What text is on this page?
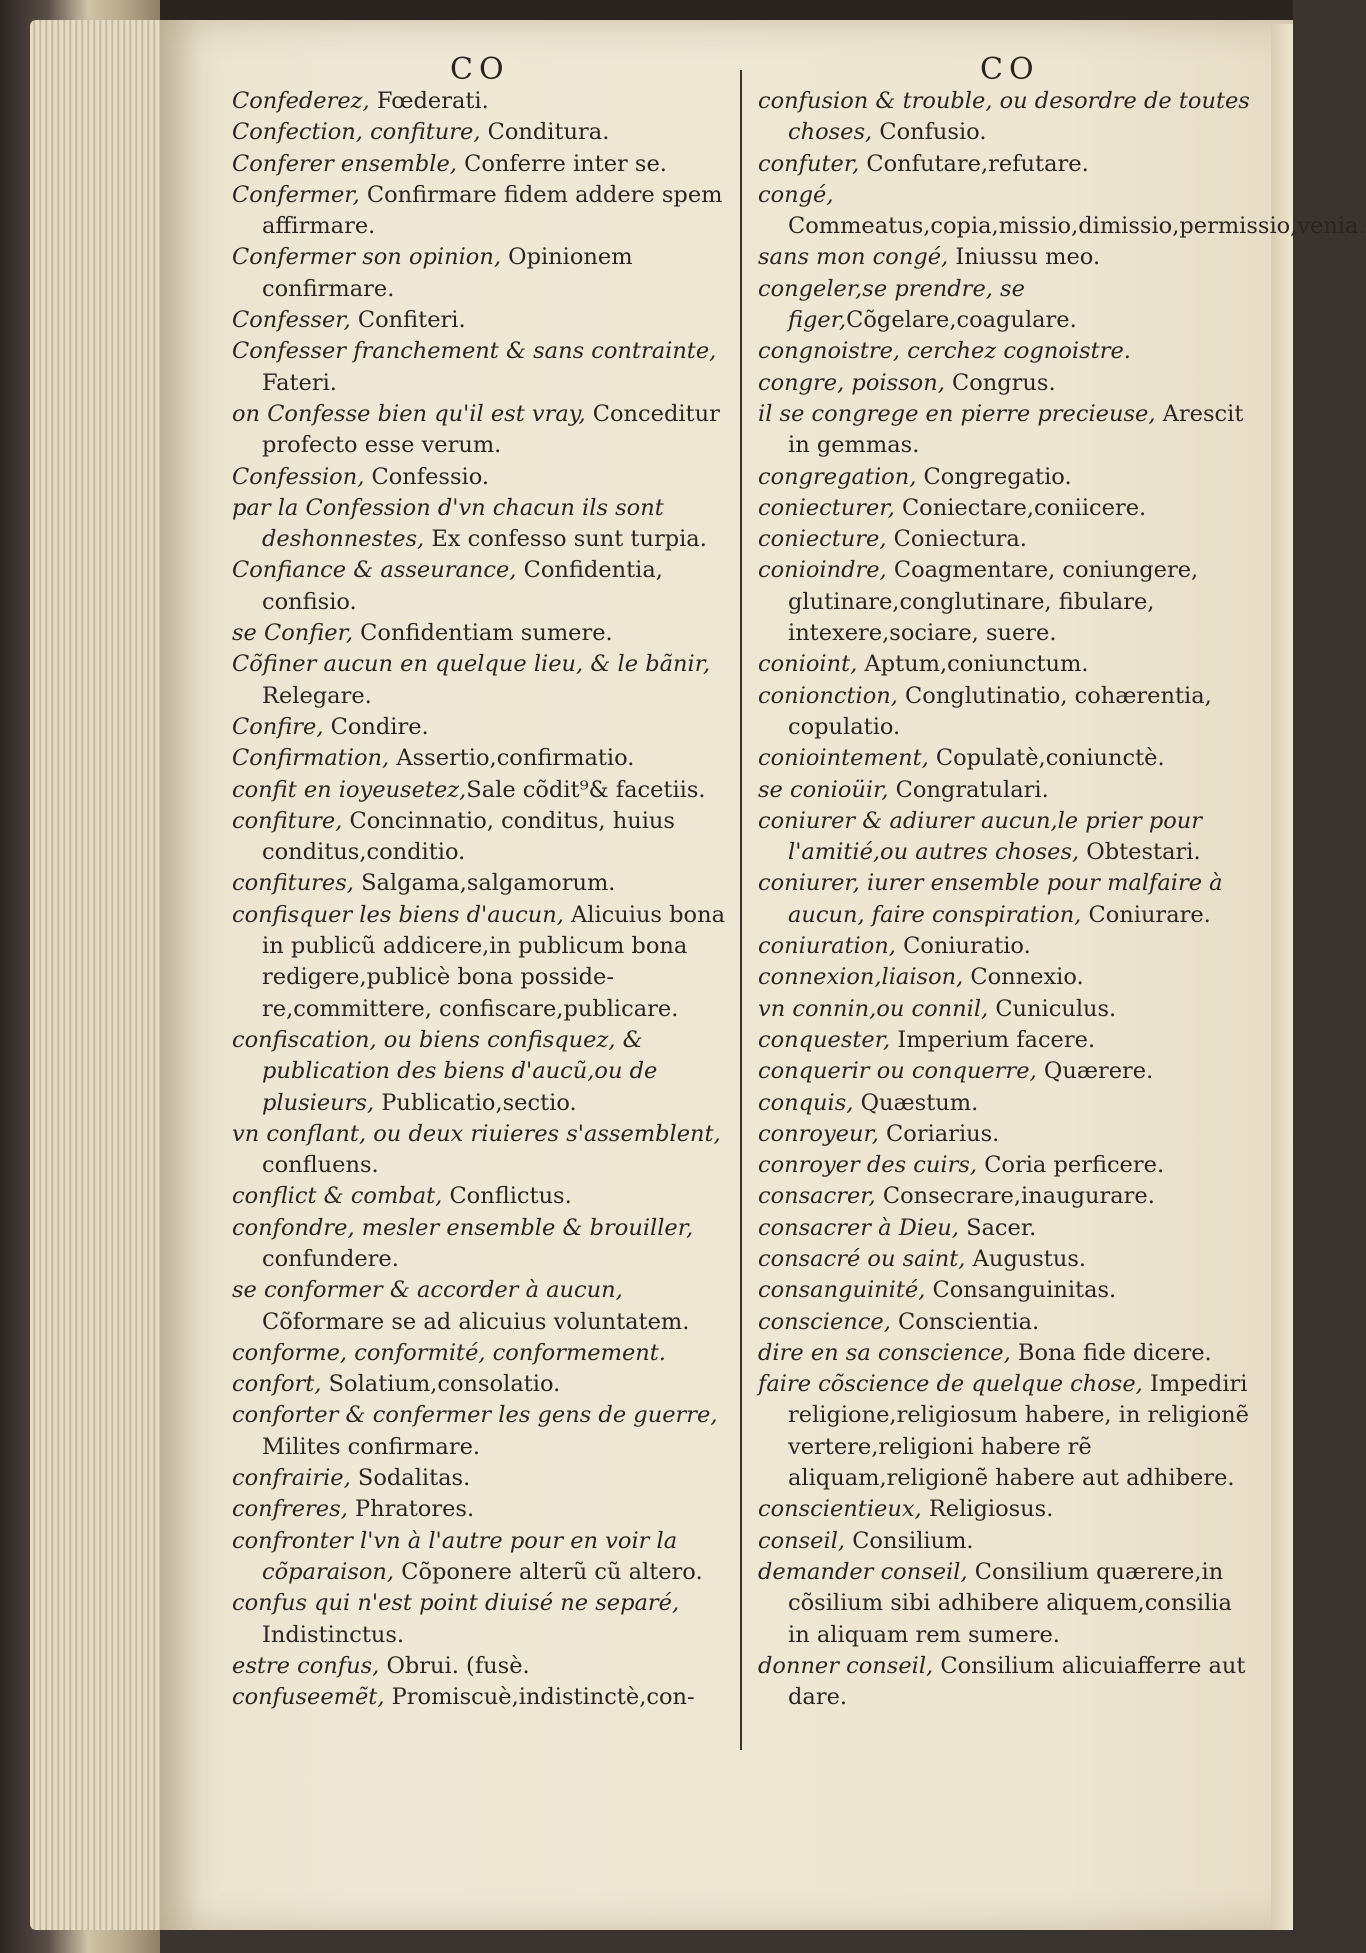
CO	CO

Confederez, Fœderati.

Confection, confiture, Conditura.

Conferer ensemble, Conferre inter se.

Confermer, Confirmare fidem addere spem affirmare.

Confermer son opinion, Opinionem confirmare.

Confesser, Confiteri.

Confesser franchement & sans contrainte, Fateri.

on Confesse bien qu'il est vray, Conceditur profecto esse verum.

Confession, Confessio.

par la Confession d'vn chacun ils sont deshonnestes, Ex confesso sunt turpia.

Confiance & asseurance, Confidentia, confisio.

se Confier, Confidentiam sumere.

Cõfiner aucun en quelque lieu, & le bãnir, Relegare.

Confire, Condire.

Confirmation, Assertio,confirmatio.

confit en ioyeusetez,Sale cõdit⁹& facetiis.

confiture, Concinnatio, conditus, huius conditus,conditio.

confitures, Salgama,salgamorum.

confisquer les biens d'aucun, Alicuius bona in publicũ addicere,in publicum bona redigere,publicè bona posside-re,committere, confiscare,publicare.

confiscation, ou biens confisquez, & publication des biens d'aucũ,ou de plusieurs, Publicatio,sectio.

vn conflant, ou deux riuieres s'assemblent, confluens.

conflict & combat, Conflictus.

confondre, mesler ensemble & brouiller, confundere.

se conformer & accorder à aucun, Cõformare se ad alicuius voluntatem.

conforme, conformité, conformement.

confort, Solatium,consolatio.

conforter & confermer les gens de guerre, Milites confirmare.

confrairie, Sodalitas.

confreres, Phratores.

confronter l'vn à l'autre pour en voir la cõparaison, Cõponere alterũ cũ altero.

confus qui n'est point diuisé ne separé, Indistinctus.

estre confus, Obrui. (fusè.

confuseemẽt, Promiscuè,indistinctè,con-

confusion & trouble, ou desordre de toutes choses, Confusio.

confuter, Confutare,refutare.

congé, Commeatus,copia,missio,dimissio,permissio,venia.

sans mon congé, Iniussu meo.

congeler,se prendre, se figer,Cõgelare,coagulare.

congnoistre, cerchez cognoistre.

congre, poisson, Congrus.

il se congrege en pierre precieuse, Arescit in gemmas.

congregation, Congregatio.

coniecturer, Coniectare,coniicere.

coniecture, Coniectura.

conioindre, Coagmentare, coniungere, glutinare,conglutinare, fibulare, intexere,sociare, suere.

conioint, Aptum,coniunctum.

conionction, Conglutinatio, cohærentia, copulatio.

coniointement, Copulatè,coniunctè.

se conioüir, Congratulari.

coniurer & adiurer aucun,le prier pour l'amitié,ou autres choses, Obtestari.

coniurer, iurer ensemble pour malfaire à aucun, faire conspiration, Coniurare.

coniuration, Coniuratio.

connexion,liaison, Connexio.

vn connin,ou connil, Cuniculus.

conquester, Imperium facere.

conquerir ou conquerre, Quærere.

conquis, Quæstum.

conroyeur, Coriarius.

conroyer des cuirs, Coria perficere.

consacrer, Consecrare,inaugurare.

consacrer à Dieu, Sacer.

consacré ou saint, Augustus.

consanguinité, Consanguinitas.

conscience, Conscientia.

dire en sa conscience, Bona fide dicere.

faire cõscience de quelque chose, Impediri religione,religiosum habere, in religionẽ vertere,religioni habere rẽ aliquam,religionẽ habere aut adhibere.

conscientieux, Religiosus.

conseil, Consilium.

demander conseil, Consilium quærere,in cõsilium sibi adhibere aliquem,consilia in aliquam rem sumere.

donner conseil, Consilium alicuiafferre aut dare.
